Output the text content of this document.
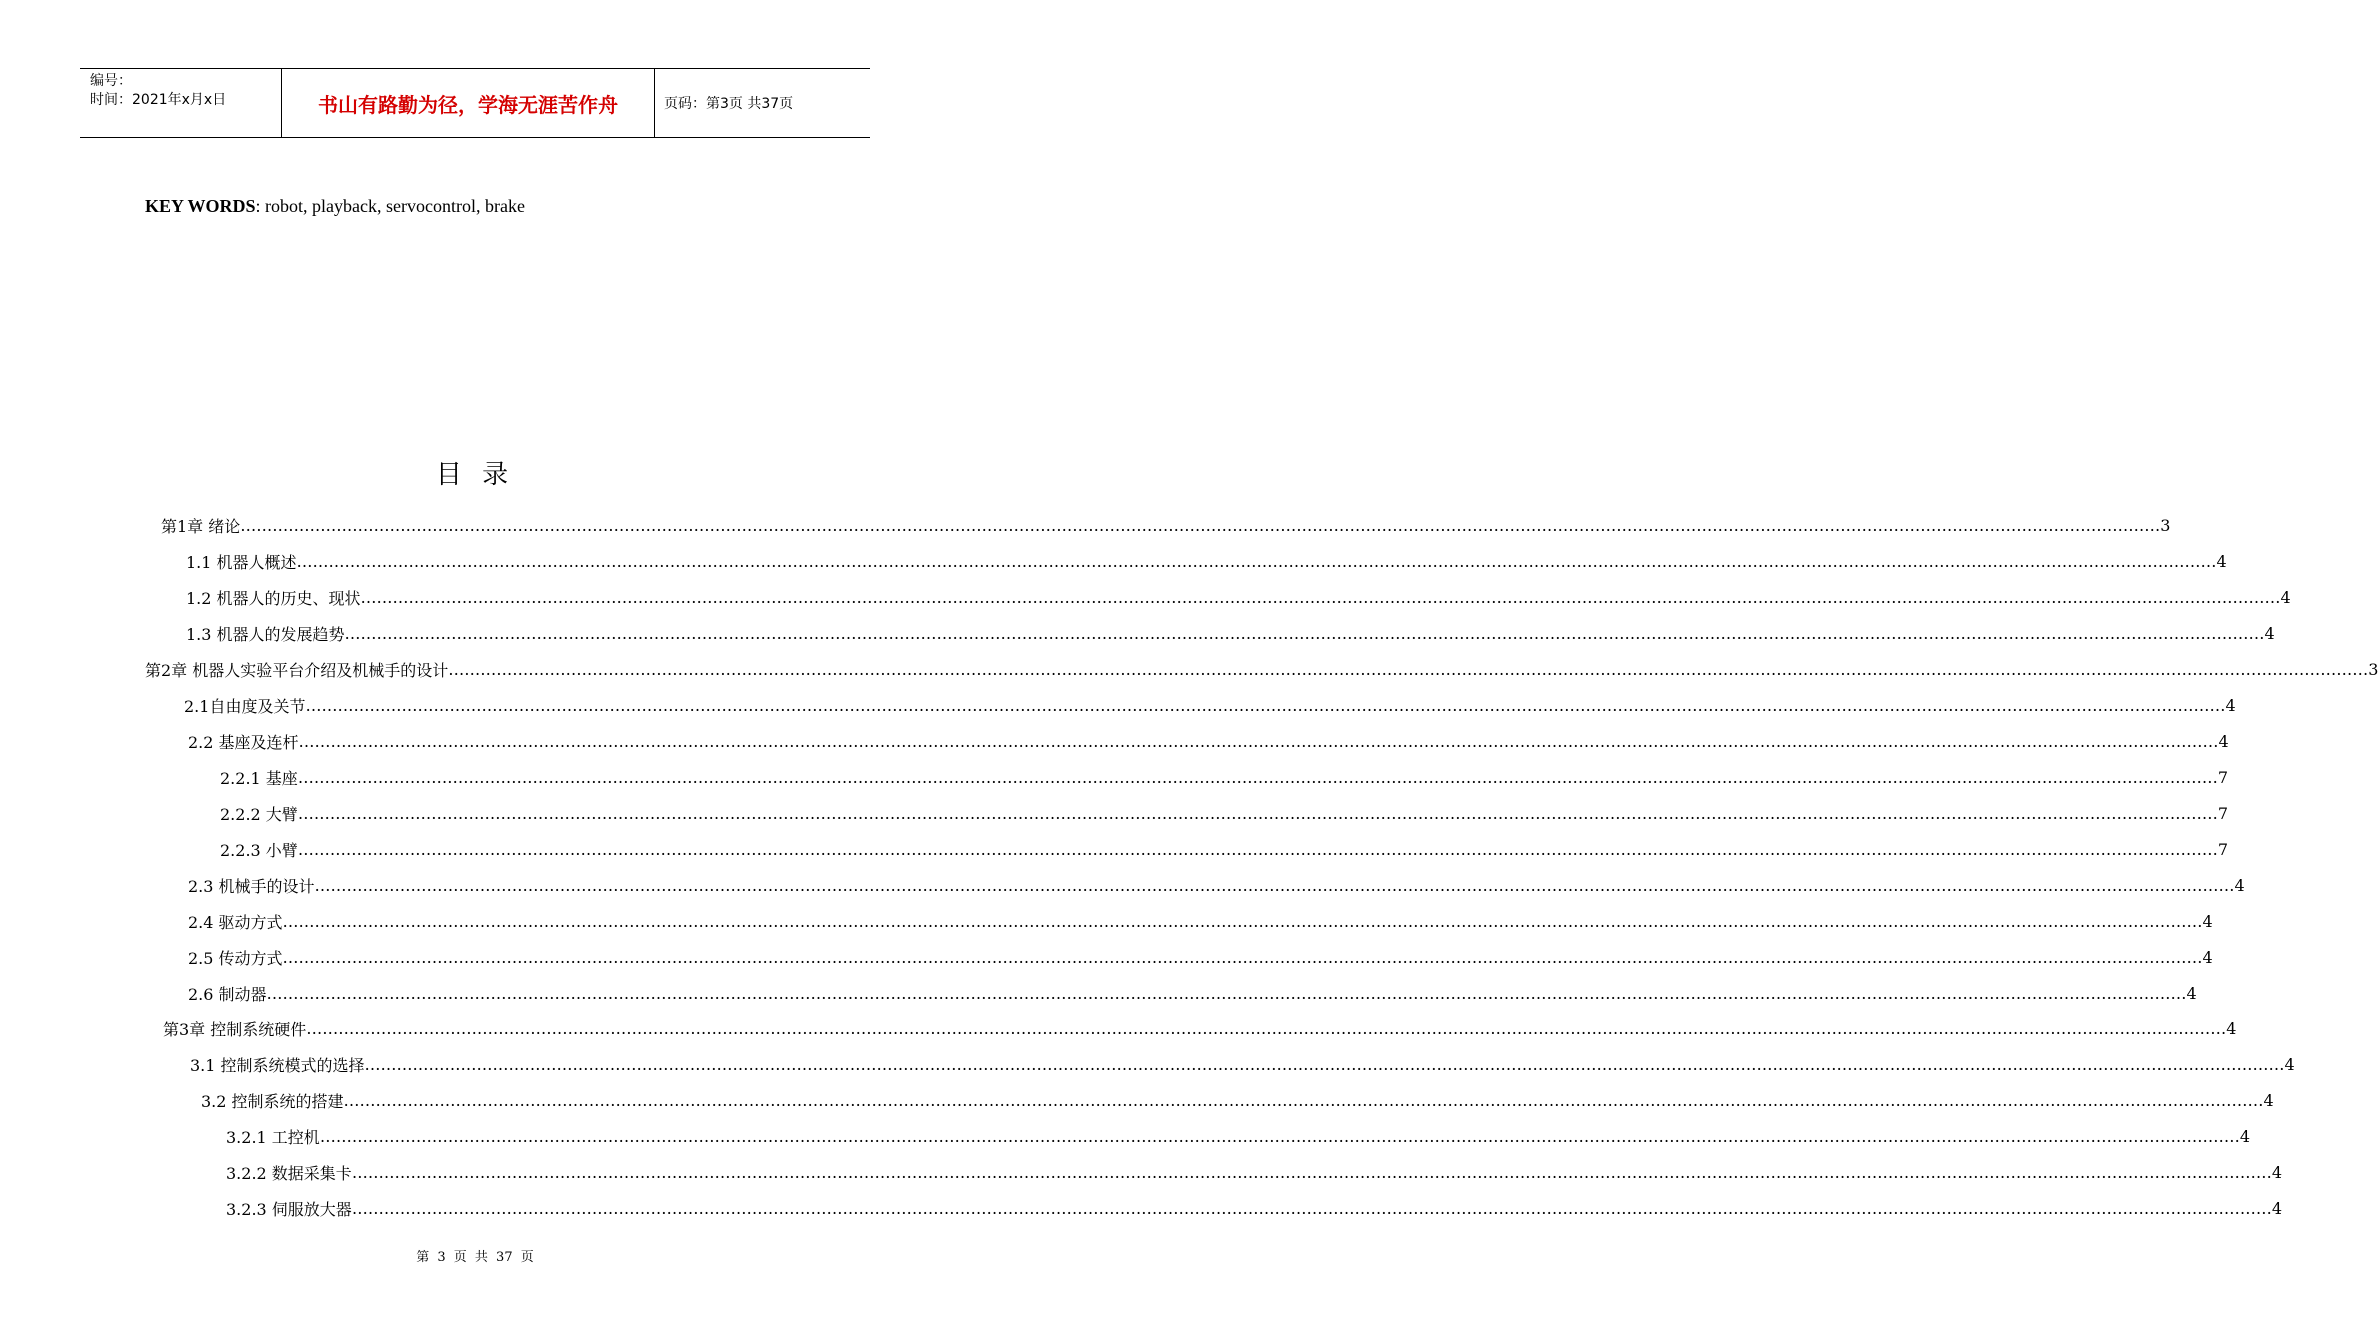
编号：
时间：2021年x月x日	书山有路勤为径，学海无涯苦作舟	页码：第3页 共37页
KEY WORDS: robot, playback, servocontrol, brake
目 录
第1章 绪论 ……………………………………………………………………………………………………………………………………………………………………………………………………………………………………………………………………………………………………………………………… 3
1.1 机器人概述 ……………………………………………………………………………………………………………………………………………………………………………………………………………………………………………………………………………………………………………………………… 4
1.2 机器人的历史、现状 ……………………………………………………………………………………………………………………………………………………………………………………………………………………………………………………………………………………………………………………………… 4
1.3 机器人的发展趋势 ……………………………………………………………………………………………………………………………………………………………………………………………………………………………………………………………………………………………………………………………… 4
第2章 机器人实验平台介绍及机械手的设计 ……………………………………………………………………………………………………………………………………………………………………………………………………………………………………………………………………………………………………………………………… 3
2.1自由度及关节 ……………………………………………………………………………………………………………………………………………………………………………………………………………………………………………………………………………………………………………………………… 4
2.2 基座及连杆 ……………………………………………………………………………………………………………………………………………………………………………………………………………………………………………………………………………………………………………………………… 4
2.2.1 基座 ……………………………………………………………………………………………………………………………………………………………………………………………………………………………………………………………………………………………………………………………… 7
2.2.2 大臂 ……………………………………………………………………………………………………………………………………………………………………………………………………………………………………………………………………………………………………………………………… 7
2.2.3 小臂 ……………………………………………………………………………………………………………………………………………………………………………………………………………………………………………………………………………………………………………………………… 7
2.3 机械手的设计 ……………………………………………………………………………………………………………………………………………………………………………………………………………………………………………………………………………………………………………………………… 4
2.4 驱动方式 ……………………………………………………………………………………………………………………………………………………………………………………………………………………………………………………………………………………………………………………………… 4
2.5 传动方式 ……………………………………………………………………………………………………………………………………………………………………………………………………………………………………………………………………………………………………………………………… 4
2.6 制动器 ……………………………………………………………………………………………………………………………………………………………………………………………………………………………………………………………………………………………………………………………… 4
第3章 控制系统硬件 ……………………………………………………………………………………………………………………………………………………………………………………………………………………………………………………………………………………………………………………………… 4
3.1 控制系统模式的选择 ……………………………………………………………………………………………………………………………………………………………………………………………………………………………………………………………………………………………………………………………… 4
3.2 控制系统的搭建 ……………………………………………………………………………………………………………………………………………………………………………………………………………………………………………………………………………………………………………………………… 4
3.2.1 工控机 ……………………………………………………………………………………………………………………………………………………………………………………………………………………………………………………………………………………………………………………………… 4
3.2.2 数据采集卡 ……………………………………………………………………………………………………………………………………………………………………………………………………………………………………………………………………………………………………………………………… 4
3.2.3 伺服放大器 ……………………………………………………………………………………………………………………………………………………………………………………………………………………………………………………………………………………………………………………………… 4
第 3 页 共 37 页
